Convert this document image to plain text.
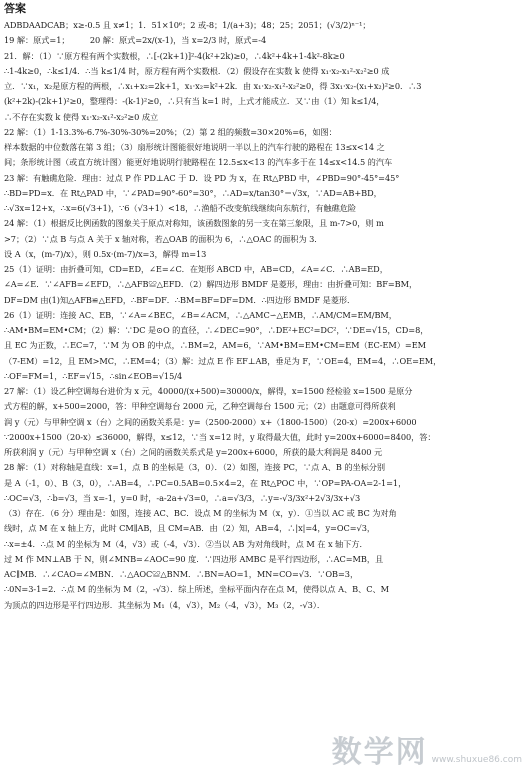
答案
ADBDAADCAB；x≥-0.5 且 x≠1；1．51×10⁶；2 或-8；1/(a+3)；48；25；2051；(√3/2)ⁿ⁻¹；
19 解：原式=1；　　　20 解：原式=2x/(x-1)，当 x=2/3 时，原式=-4
21．解：（1）∵原方程有两个实数根，∴[-(2k+1)]²-4(k²+2k)≥0，∴4k²+4k+1-4k²-8k≥0
∴1-4k≥0，∴k≤1/4．∴当 k≤1/4 时，原方程有两个实数根．（2）假设存在实数 k 使得 x₁·x₂-x₁²-x₂²≥0 成
立．∵x₁，x₂是原方程的两根，∴x₁+x₂=2k+1，x₁·x₂=k²+2k．由 x₁·x₂-x₁²-x₂²≥0，得 3x₁·x₂-(x₁+x₂)²≥0．∴3
(k²+2k)-(2k+1)²≥0，整理得：-(k-1)²≥0，∴只有当 k=1 时，上式才能成立．又∵由（1）知 k≤1/4，
∴不存在实数 k 使得 x₁·x₂-x₁²-x₂²≥0 成立
22 解：（1）1-13.3%-6.7%-30%-30%=20%；（2）第 2 组的频数=30×20%=6，如图：
样本数据的中位数落在第 3 组；（3）扇形统计图能很好地说明一半以上的汽车行驶的路程在 13≤x<14 之
间；条形统计图（或直方统计图）能更好地说明行驶路程在 12.5≤x<13 的汽车多于在 14≤x<14.5 的汽车
23 解：有触礁危险．理由：过点 P 作 PD⊥AC 于 D．设 PD 为 x，在 Rt△PBD 中，∠PBD=90°-45°=45°
∴BD=PD=x．在 Rt△PAD 中，∵∠PAD=90°-60°=30°，∴AD=x/tan30°＝√3x，∵AD=AB+BD，
∴√3x=12+x，∴x=6(√3+1)，∵6（√3+1）<18，∴渔船不改变航线继续向东航行，有触礁危险
24 解：（1）根据反比例函数的图象关于原点对称知，该函数图象的另一支在第三象限，且 m-7>0，则 m
>7；（2）∵点 B 与点 A 关于 x 轴对称，若△OAB 的面积为 6，∴△OAC 的面积为 3．
设 A（x，(m-7)/x），则 0.5x·(m-7)/x=3，解得 m=13
25（1）证明：由折叠可知，CD=ED，∠E=∠C．在矩形 ABCD 中，AB=CD，∠A=∠C．∴AB=ED，
∠A=∠E．∵∠AFB=∠EFD，∴△AFB≌△EFD．（2）解四边形 BMDF 是菱形，理由：由折叠可知：BF=BM，
DF=DM 由(1)知△AFB≌△EFD，∴BF=DF．∴BM=BF=DF=DM．∴四边形 BMDF 是菱形．
26（1）证明：连接 AC、EB，∵∠A=∠BEC，∠B=∠ACM，∴△AMC∽△EMB，∴AM/CM=EM/BM，
∴AM•BM=EM•CM；（2）解：∵DC 是⊙O 的直径，∴∠DEC=90°，∴DE²+EC²=DC²，∵DE=√15，CD=8，
且 EC 为正数，∴EC=7，∵M 为 OB 的中点，∴BM=2，AM=6，∵AM•BM=EM•CM=EM（EC-EM）=EM
（7-EM）=12，且 EM>MC，∴EM=4；（3）解：过点 E 作 EF⊥AB，垂足为 F，∵OE=4，EM=4，∴OE=EM，
∴OF=FM=1，∴EF=√15，∴sin∠EOB=√15/4
27 解：（1）设乙种空调每台进价为 x 元，40000/(x+500)=30000/x，解得，x=1500 经检验 x=1500 是原分
式方程的解，x+500=2000，答：甲种空调每台 2000 元，乙种空调每台 1500 元；（2）由题意可得所获利
润 y（元）与甲种空调 x（台）之间的函数关系是：y=（2500-2000）x+（1800-1500）（20-x）=200x+6000
∵2000x+1500（20-x）≤36000，解得，x≤12，∵当 x=12 时，y 取得最大值，此时 y=200x+6000=8400，答：
所获利润 y（元）与甲种空调 x（台）之间的函数关系式是 y=200x+6000，所获的最大利润是 8400 元
28 解：（1）对称轴是直线：x=1，点 B 的坐标是（3，0）．（2）如图，连接 PC，∵点 A、B 的坐标分别
是 A（-1，0）、B（3，0），∴AB=4，∴PC=0.5AB=0.5×4=2，在 Rt△POC 中，∵OP=PA-OA=2-1=1，
∴OC=√3，∴b=√3，当 x=-1，y=0 时，-a-2a+√3=0，∴a=√3/3，∴y=-√3/3x²+2√3/3x+√3
（3）存在．（6 分）理由是：如图，连接 AC、BC．设点 M 的坐标为 M（x，y）．①当以 AC 或 BC 为对角
线时，点 M 在 x 轴上方，此时 CM∥AB，且 CM=AB．由（2）知，AB=4，∴|x|=4，y=OC=√3，
∴x=±4．∴点 M 的坐标为 M（4，√3）或（-4，√3）．②当以 AB 为对角线时，点 M 在 x 轴下方．
过 M 作 MN⊥AB 于 N，则∠MNB=∠AOC=90 度．∵四边形 AMBC 是平行四边形，∴AC=MB，且
AC∥MB．∴∠CAO=∠MBN．∴△AOC≌△BNM．∴BN=AO=1，MN=CO=√3．∵OB=3，
∴0N=3-1=2．∴点 M 的坐标为 M（2，-√3）．综上所述，坐标平面内存在点 M，使得以点 A、B、C、M
为顶点的四边形是平行四边形．其坐标为 M₁（4，√3），M₂（-4，√3），M₃（2，-√3）．
数学网 www.shuxue86.com
